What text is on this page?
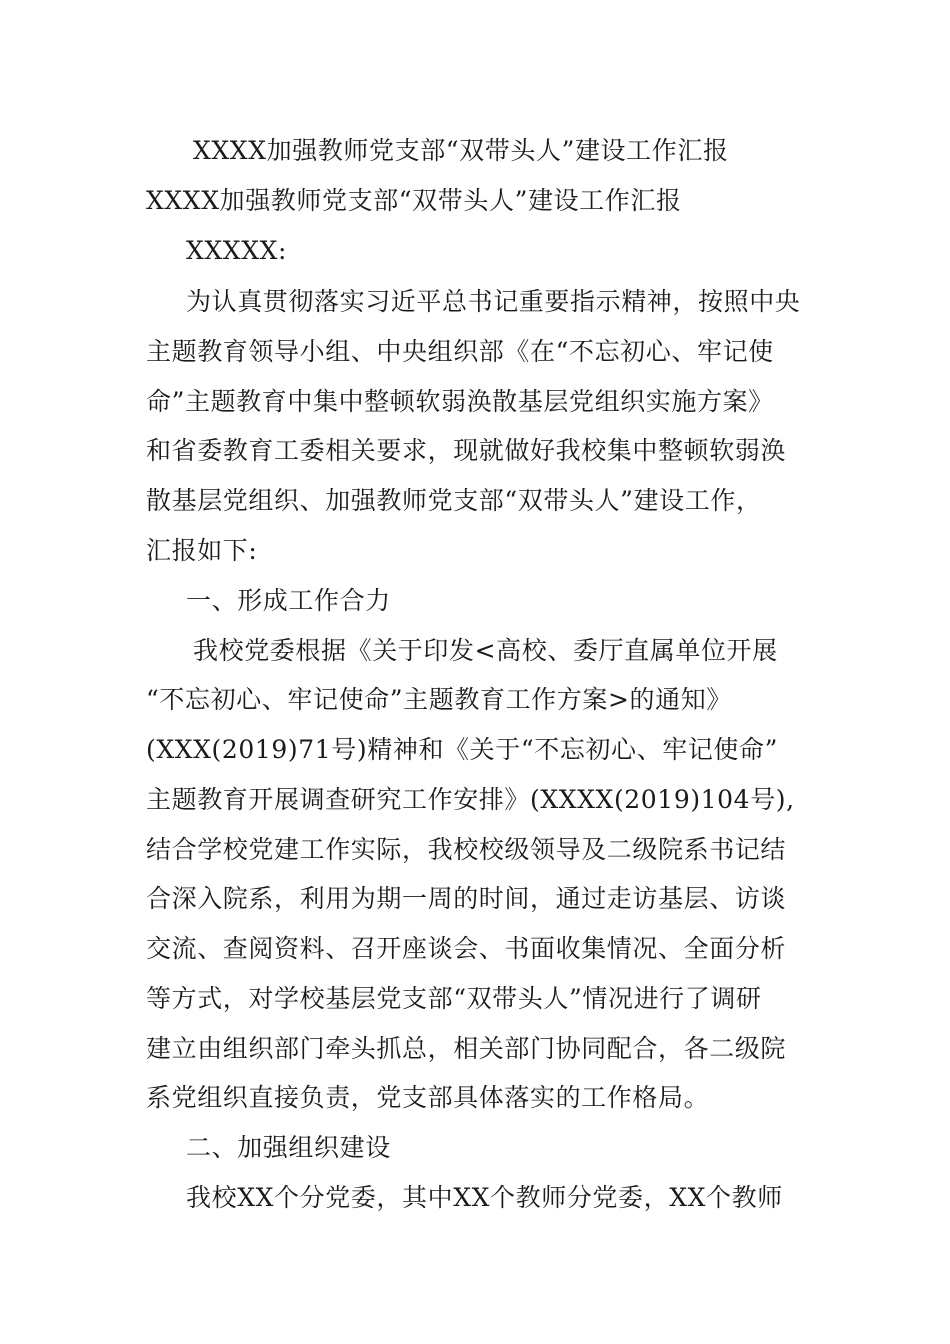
XXXX加强教师党支部“双带头人”建设工作汇报
XXXX加强教师党支部“双带头人”建设工作汇报
XXXXX:
为认真贯彻落实习近平总书记重要指示精神，按照中央
主题教育领导小组、中央组织部《在“不忘初心、牢记使
命”主题教育中集中整顿软弱涣散基层党组织实施方案》
和省委教育工委相关要求，现就做好我校集中整顿软弱涣
散基层党组织、加强教师党支部“双带头人”建设工作，
汇报如下:
一、形成工作合力
我校党委根据《关于印发<高校、委厅直属单位开展
“不忘初心、牢记使命”主题教育工作方案>的通知》
(XXX(2019)71号)精神和《关于“不忘初心、牢记使命”
主题教育开展调查研究工作安排》(XXXX(2019)104号),
结合学校党建工作实际，我校校级领导及二级院系书记结
合深入院系，利用为期一周的时间，通过走访基层、访谈
交流、查阅资料、召开座谈会、书面收集情况、全面分析
等方式，对学校基层党支部“双带头人”情况进行了调研
建立由组织部门牵头抓总，相关部门协同配合，各二级院
系党组织直接负责，党支部具体落实的工作格局。
二、加强组织建设
我校XX个分党委，其中XX个教师分党委，XX个教师
